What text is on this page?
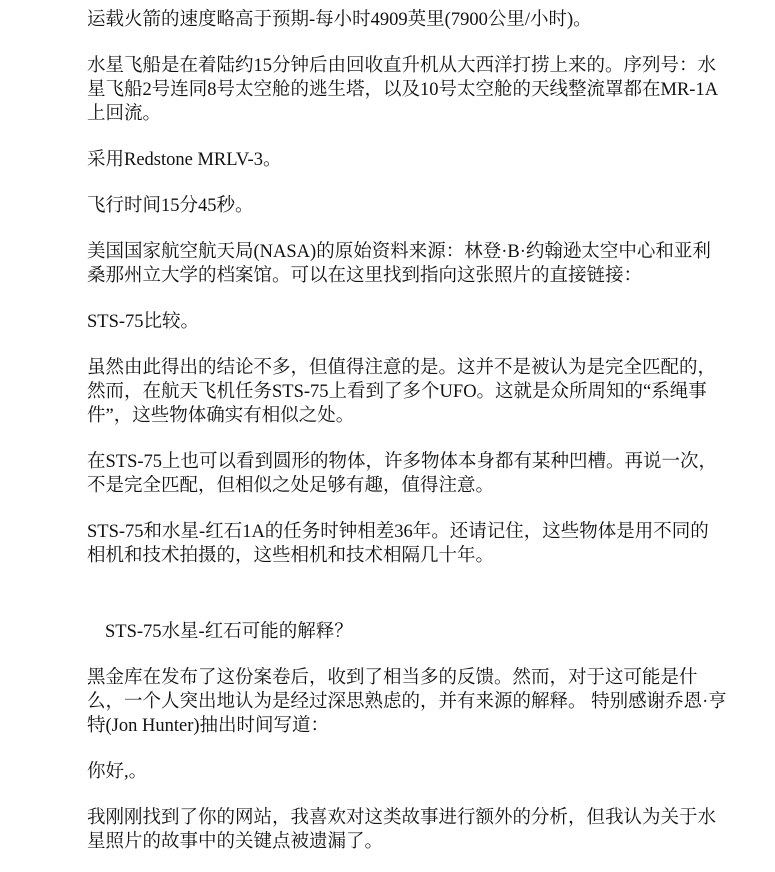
运载火箭的速度略高于预期-每小时4909英里(7900公里/小时)。

水星飞船是在着陆约15分钟后由回收直升机从大西洋打捞上来的。序列号：水星飞船2号连同8号太空舱的逃生塔，以及10号太空舱的天线整流罩都在MR-1A上回流。

采用Redstone MRLV-3。

飞行时间15分45秒。

美国国家航空航天局(NASA)的原始资料来源：林登·B·约翰逊太空中心和亚利桑那州立大学的档案馆。可以在这里找到指向这张照片的直接链接：

STS-75比较。

虽然由此得出的结论不多，但值得注意的是。这并不是被认为是完全匹配的，然而，在航天飞机任务STS-75上看到了多个UFO。这就是众所周知的“系绳事件”，这些物体确实有相似之处。

在STS-75上也可以看到圆形的物体，许多物体本身都有某种凹槽。再说一次，不是完全匹配，但相似之处足够有趣，值得注意。

STS-75和水星-红石1A的任务时钟相差36年。还请记住，这些物体是用不同的相机和技术拍摄的，这些相机和技术相隔几十年。

STS-75水星-红石可能的解释？

黑金库在发布了这份案卷后，收到了相当多的反馈。然而，对于这可能是什么，一个人突出地认为是经过深思熟虑的，并有来源的解释。 特别感谢乔恩·亨特(Jon Hunter)抽出时间写道：

你好,。

我刚刚找到了你的网站，我喜欢对这类故事进行额外的分析，但我认为关于水星照片的故事中的关键点被遗漏了。
